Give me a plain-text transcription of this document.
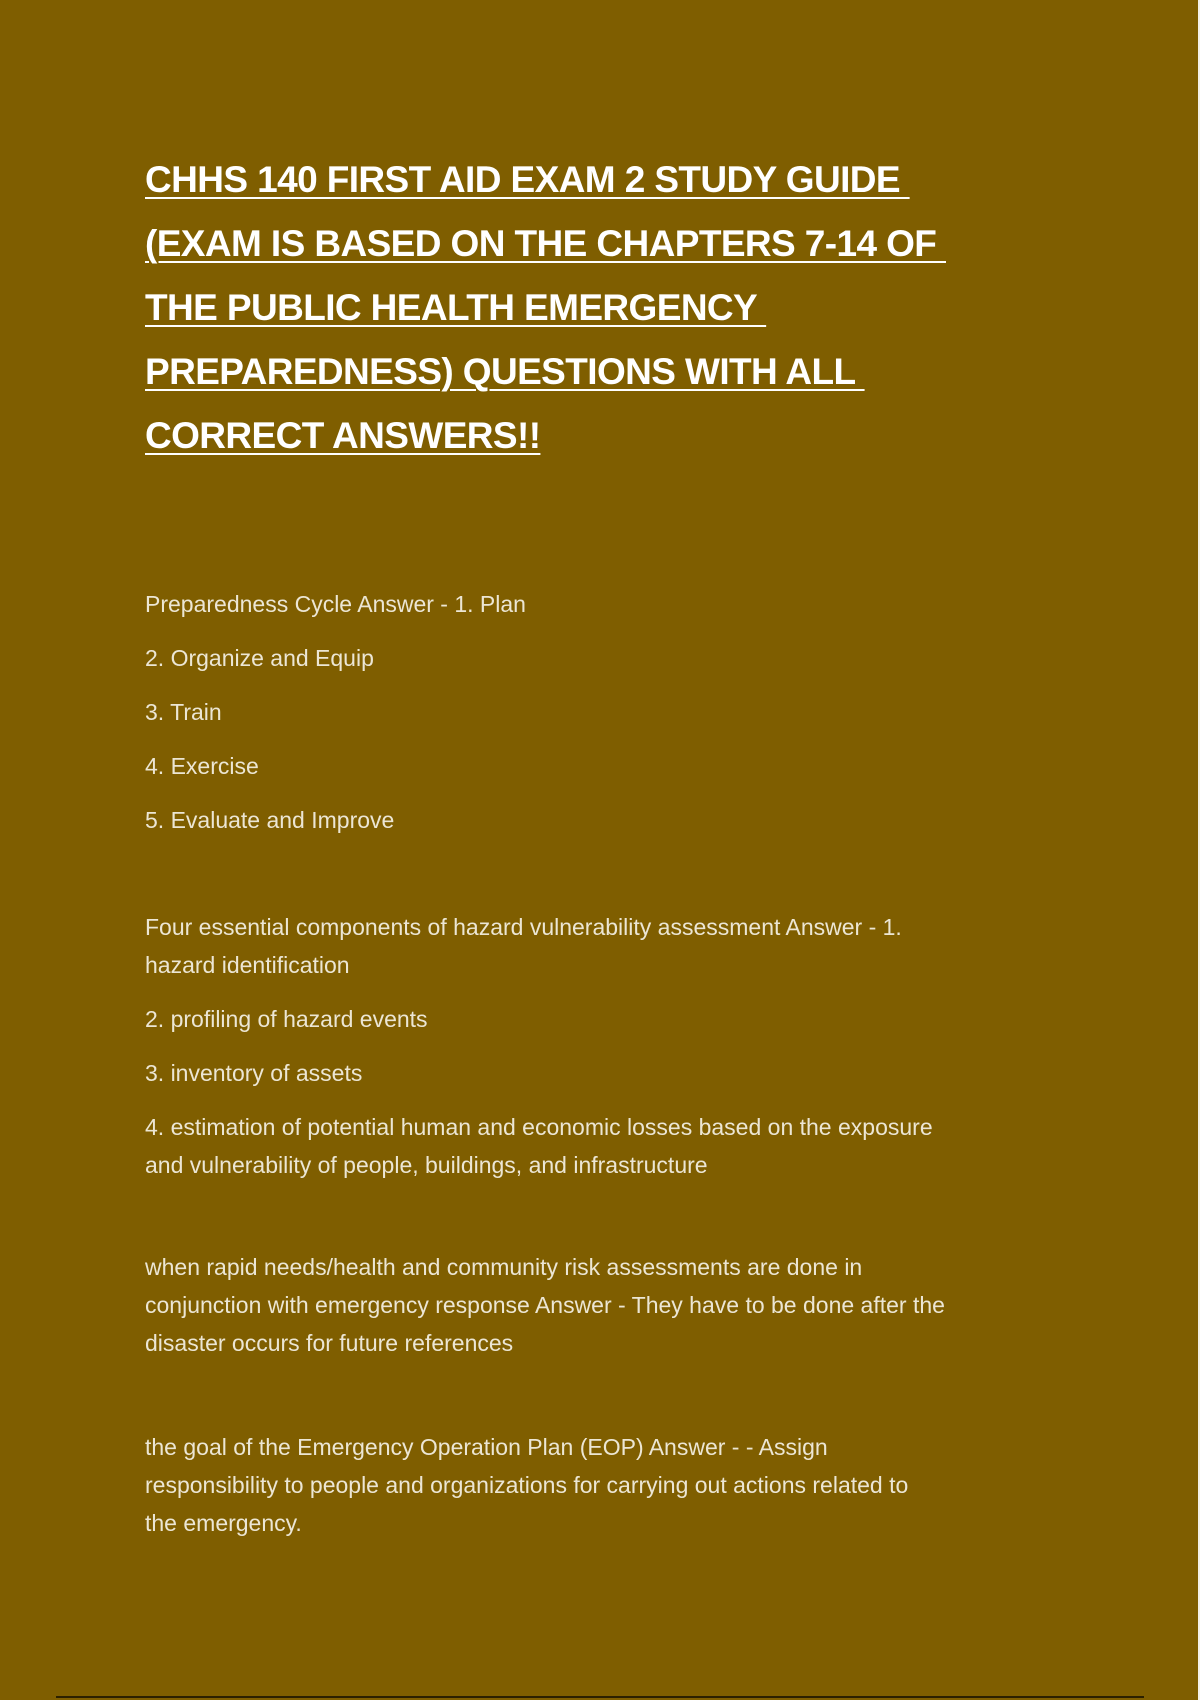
CHHS 140 FIRST AID EXAM 2 STUDY GUIDE
(EXAM IS BASED ON THE CHAPTERS 7-14 OF
THE PUBLIC HEALTH EMERGENCY
PREPAREDNESS) QUESTIONS WITH ALL
CORRECT ANSWERS!!
Preparedness Cycle Answer - 1. Plan
2. Organize and Equip
3. Train
4. Exercise
5. Evaluate and Improve
Four essential components of hazard vulnerability assessment Answer - 1.
hazard identification
2. profiling of hazard events
3. inventory of assets
4. estimation of potential human and economic losses based on the exposure
and vulnerability of people, buildings, and infrastructure
when rapid needs/health and community risk assessments are done in
conjunction with emergency response Answer - They have to be done after the
disaster occurs for future references
the goal of the Emergency Operation Plan (EOP) Answer - - Assign
responsibility to people and organizations for carrying out actions related to
the emergency.
